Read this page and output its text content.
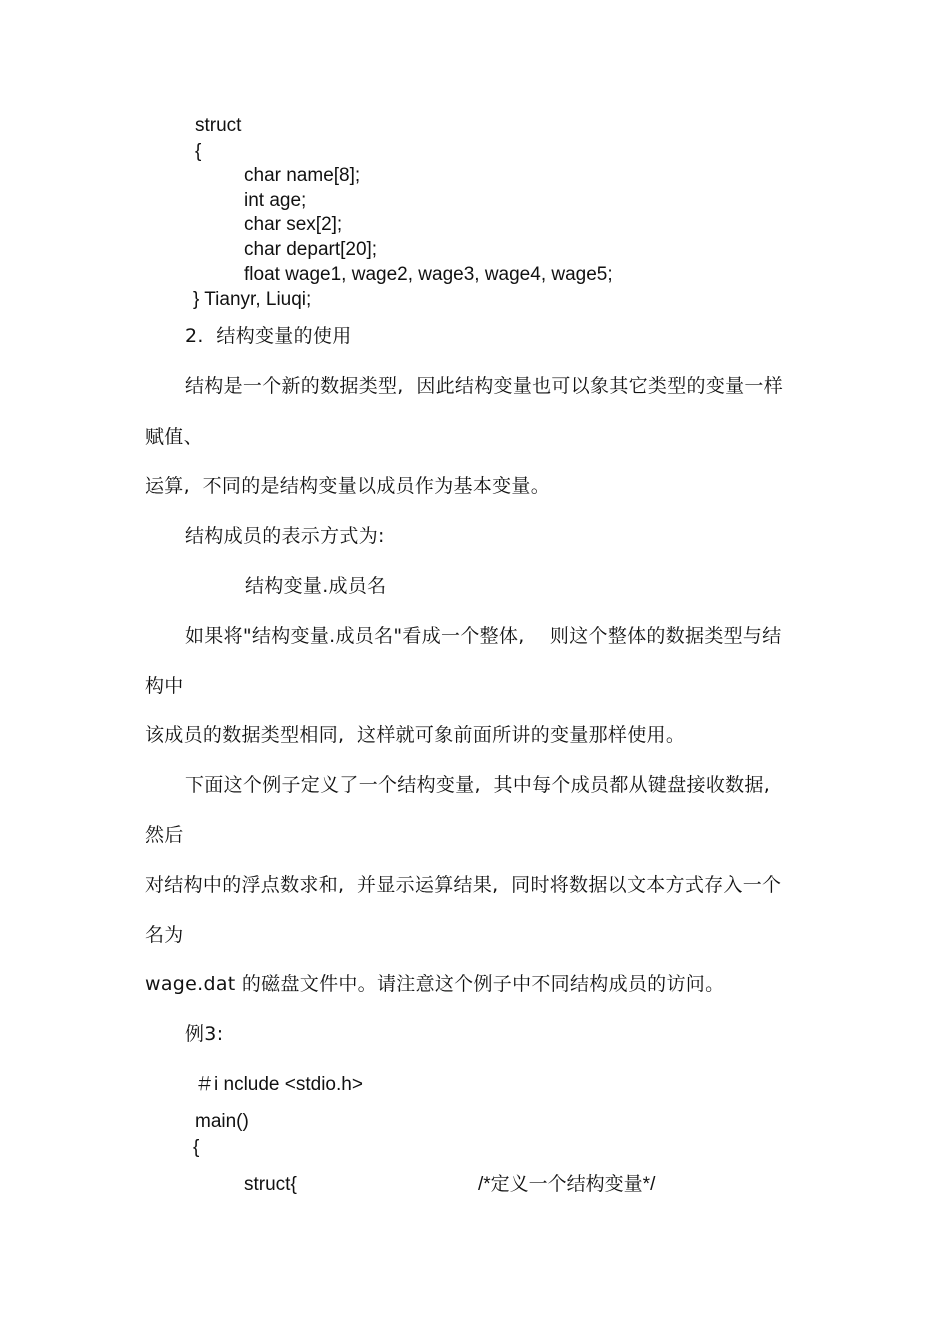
struct
{
char name[8];
int age;
char sex[2];
char depart[20];
float wage1, wage2, wage3, wage4, wage5;
} Tianyr, Liuqi;
2.  结构变量的使用
结构是一个新的数据类型,  因此结构变量也可以象其它类型的变量一样
赋值、
运算,  不同的是结构变量以成员作为基本变量。
结构成员的表示方式为:
结构变量.成员名
如果将"结构变量.成员名"看成一个整体,    则这个整体的数据类型与结
构中
该成员的数据类型相同,  这样就可象前面所讲的变量那样使用。
下面这个例子定义了一个结构变量,  其中每个成员都从键盘接收数据,
然后
对结构中的浮点数求和,  并显示运算结果,  同时将数据以文本方式存入一个
名为
wage.dat 的磁盘文件中。请注意这个例子中不同结构成员的访问。
例3:
＃i nclude <stdio.h>
main()
{
struct{	/*定义一个结构变量*/
